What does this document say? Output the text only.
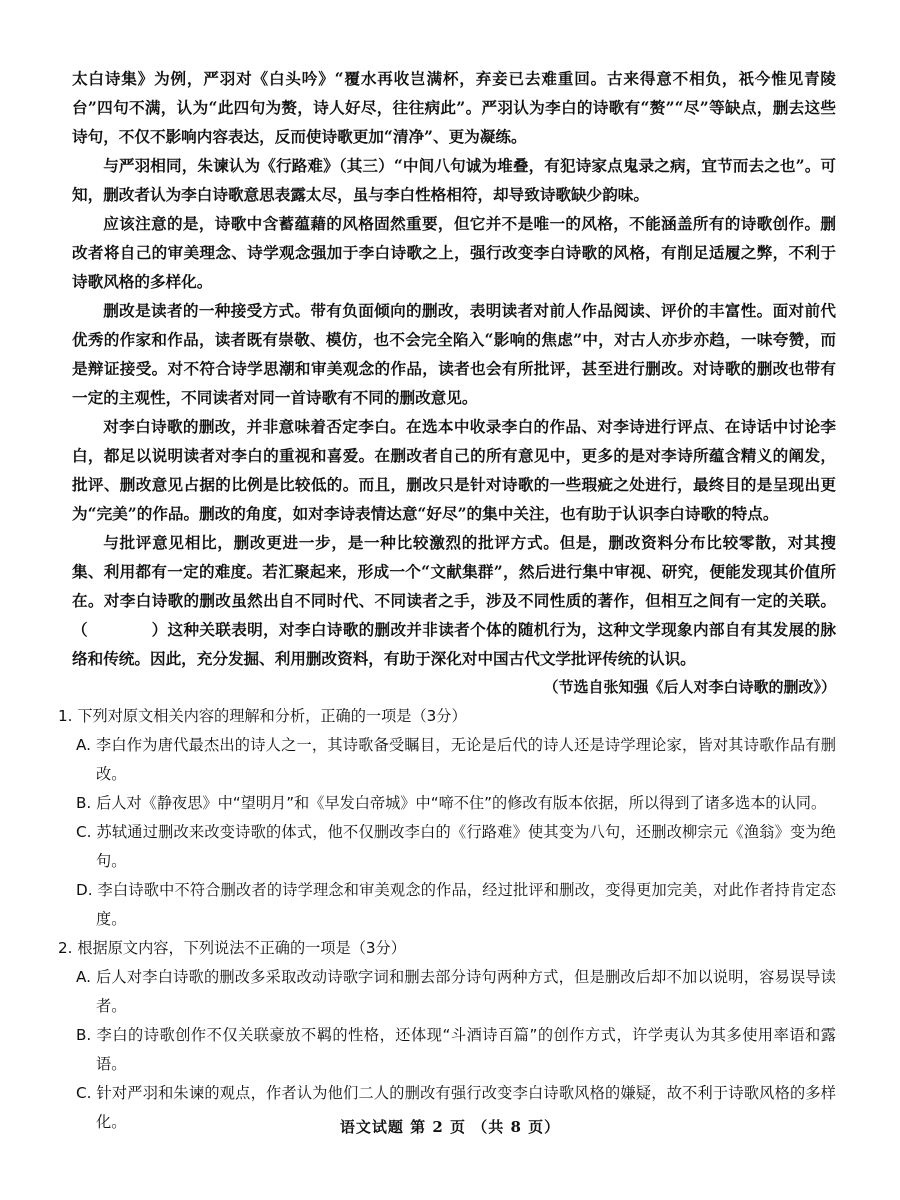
太白诗集》为例，严羽对《白头吟》“覆水再收岂满杯，弃妾已去难重回。古来得意不相负，祇今惟见青陵台”四句不满，认为“此四句为赘，诗人好尽，往往病此”。严羽认为李白的诗歌有“赘”“尽”等缺点，删去这些诗句，不仅不影响内容表达，反而使诗歌更加“清净”、更为凝练。

与严羽相同，朱谏认为《行路难》（其三）“中间八句诚为堆叠，有犯诗家点鬼录之病，宜节而去之也”。可知，删改者认为李白诗歌意思表露太尽，虽与李白性格相符，却导致诗歌缺少韵味。

应该注意的是，诗歌中含蓄蕴藉的风格固然重要，但它并不是唯一的风格，不能涵盖所有的诗歌创作。删改者将自己的审美理念、诗学观念强加于李白诗歌之上，强行改变李白诗歌的风格，有削足适履之弊，不利于诗歌风格的多样化。

删改是读者的一种接受方式。带有负面倾向的删改，表明读者对前人作品阅读、评价的丰富性。面对前代优秀的作家和作品，读者既有崇敬、模仿，也不会完全陷入“影响的焦虑”中，对古人亦步亦趋，一味夸赞，而是辩证接受。对不符合诗学思潮和审美观念的作品，读者也会有所批评，甚至进行删改。对诗歌的删改也带有一定的主观性，不同读者对同一首诗歌有不同的删改意见。

对李白诗歌的删改，并非意味着否定李白。在选本中收录李白的作品、对李诗进行评点、在诗话中讨论李白，都足以说明读者对李白的重视和喜爱。在删改者自己的所有意见中，更多的是对李诗所蕴含精义的阐发，批评、删改意见占据的比例是比较低的。而且，删改只是针对诗歌的一些瑕疵之处进行，最终目的是呈现出更为“完美”的作品。删改的角度，如对李诗表情达意“好尽”的集中关注，也有助于认识李白诗歌的特点。

与批评意见相比，删改更进一步，是一种比较激烈的批评方式。但是，删改资料分布比较零散，对其搜集、利用都有一定的难度。若汇聚起来，形成一个“文献集群”，然后进行集中审视、研究，便能发现其价值所在。对李白诗歌的删改虽然出自不同时代、不同读者之手，涉及不同性质的著作，但相互之间有一定的关联。（　　　　）这种关联表明，对李白诗歌的删改并非读者个体的随机行为，这种文学现象内部自有其发展的脉络和传统。因此，充分发掘、利用删改资料，有助于深化对中国古代文学批评传统的认识。

（节选自张知强《后人对李白诗歌的删改》）

1. 下列对原文相关内容的理解和分析，正确的一项是（3分）

A. 李白作为唐代最杰出的诗人之一，其诗歌备受瞩目，无论是后代的诗人还是诗学理论家，皆对其诗歌作品有删改。

B. 后人对《静夜思》中“望明月”和《早发白帝城》中“啼不住”的修改有版本依据，所以得到了诸多选本的认同。

C. 苏轼通过删改来改变诗歌的体式，他不仅删改李白的《行路难》使其变为八句，还删改柳宗元《渔翁》变为绝句。

D. 李白诗歌中不符合删改者的诗学理念和审美观念的作品，经过批评和删改，变得更加完美，对此作者持肯定态度。

2. 根据原文内容，下列说法不正确的一项是（3分）

A. 后人对李白诗歌的删改多采取改动诗歌字词和删去部分诗句两种方式，但是删改后却不加以说明，容易误导读者。

B. 李白的诗歌创作不仅关联豪放不羁的性格，还体现“斗酒诗百篇”的创作方式，许学夷认为其多使用率语和露语。

C. 针对严羽和朱谏的观点，作者认为他们二人的删改有强行改变李白诗歌风格的嫌疑，故不利于诗歌风格的多样化。	语文试题 第 2 页 （共 8 页）
